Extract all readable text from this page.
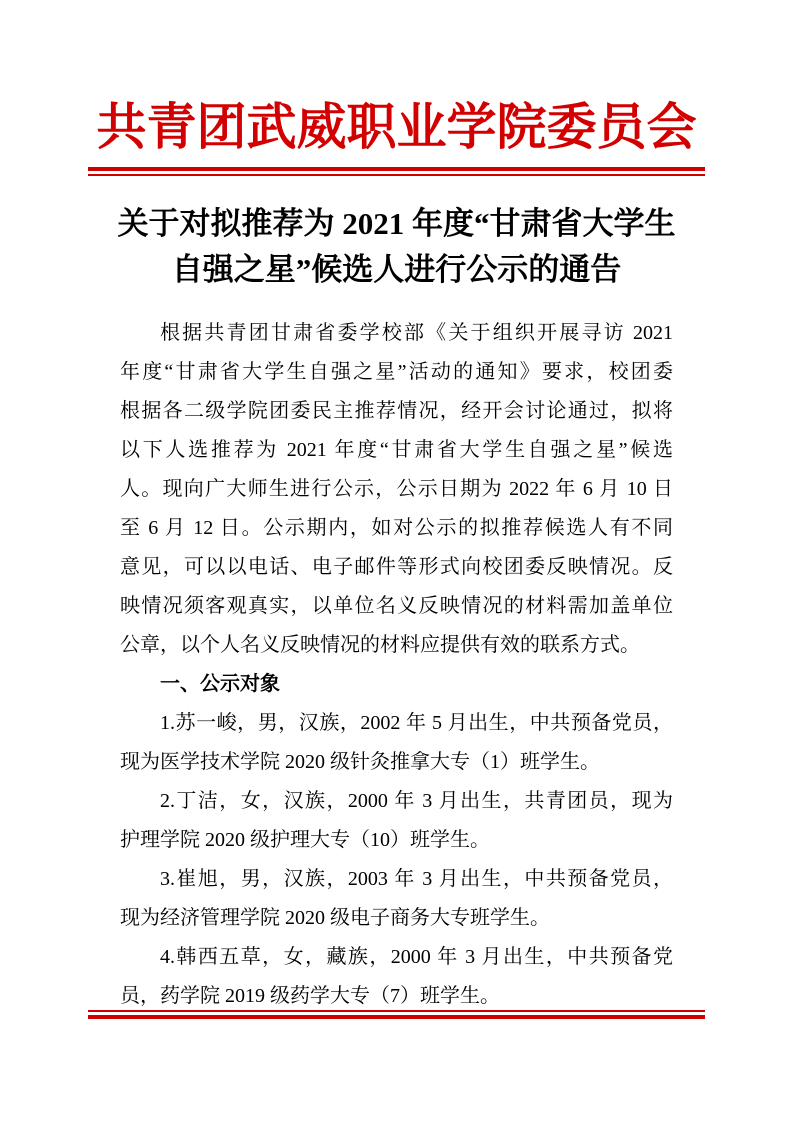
共青团武威职业学院委员会
关于对拟推荐为 2021 年度“甘肃省大学生
自强之星”候选人进行公示的通告
根据共青团甘肃省委学校部《关于组织开展寻访 2021
年度“甘肃省大学生自强之星”活动的通知》要求，校团委
根据各二级学院团委民主推荐情况，经开会讨论通过，拟将
以下人选推荐为 2021 年度“甘肃省大学生自强之星”候选
人。现向广大师生进行公示，公示日期为 2022 年 6 月 10 日
至 6 月 12 日。公示期内，如对公示的拟推荐候选人有不同
意见，可以以电话、电子邮件等形式向校团委反映情况。反
映情况须客观真实，以单位名义反映情况的材料需加盖单位
公章，以个人名义反映情况的材料应提供有效的联系方式。
一、公示对象
1.苏一峻，男，汉族，2002 年 5 月出生，中共预备党员，
现为医学技术学院 2020 级针灸推拿大专（1）班学生。
2.丁洁，女，汉族，2000 年 3 月出生，共青团员，现为
护理学院 2020 级护理大专（10）班学生。
3.崔旭，男，汉族，2003 年 3 月出生，中共预备党员，
现为经济管理学院 2020 级电子商务大专班学生。
4.韩西五草，女，藏族，2000 年 3 月出生，中共预备党
员，药学院 2019 级药学大专（7）班学生。
